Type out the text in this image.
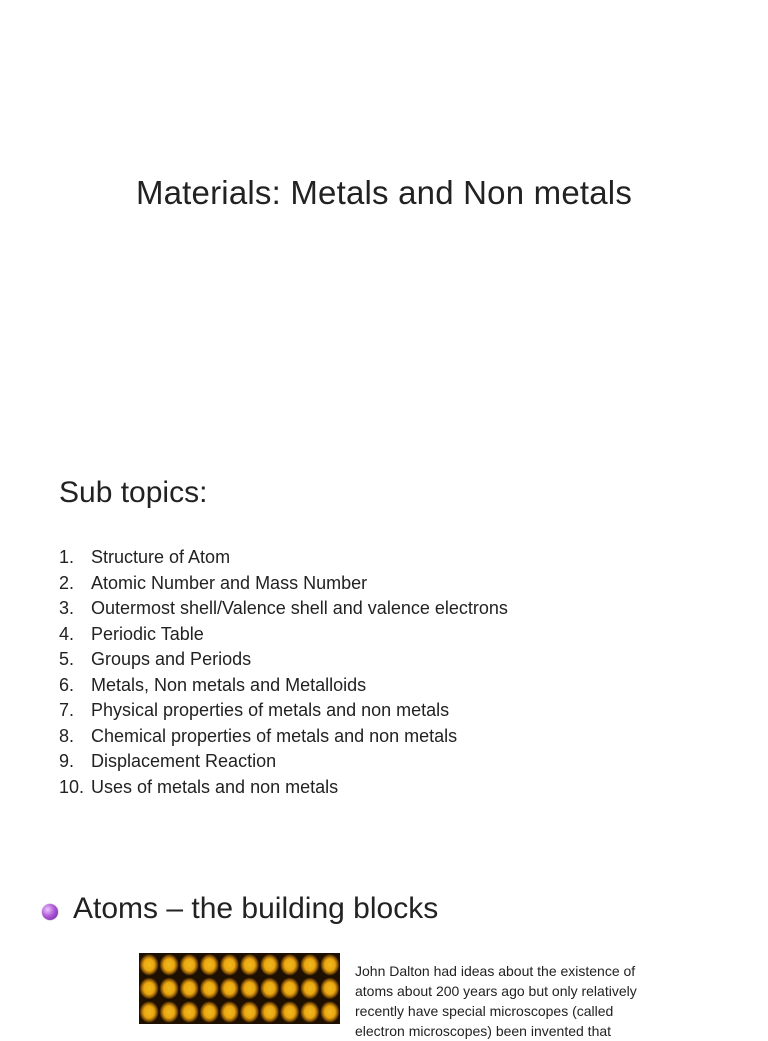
Materials: Metals and Non metals
Sub topics:
1. Structure of Atom
2. Atomic Number and Mass Number
3. Outermost shell/Valence shell and valence electrons
4. Periodic Table
5. Groups and Periods
6. Metals, Non metals and Metalloids
7. Physical properties of metals and non metals
8. Chemical properties of metals and non metals
9. Displacement Reaction
10. Uses of metals and non metals
Atoms – the building blocks

John Dalton had ideas about the existence of atoms about 200 years ago but only relatively recently have special microscopes (called electron microscopes) been invented that
